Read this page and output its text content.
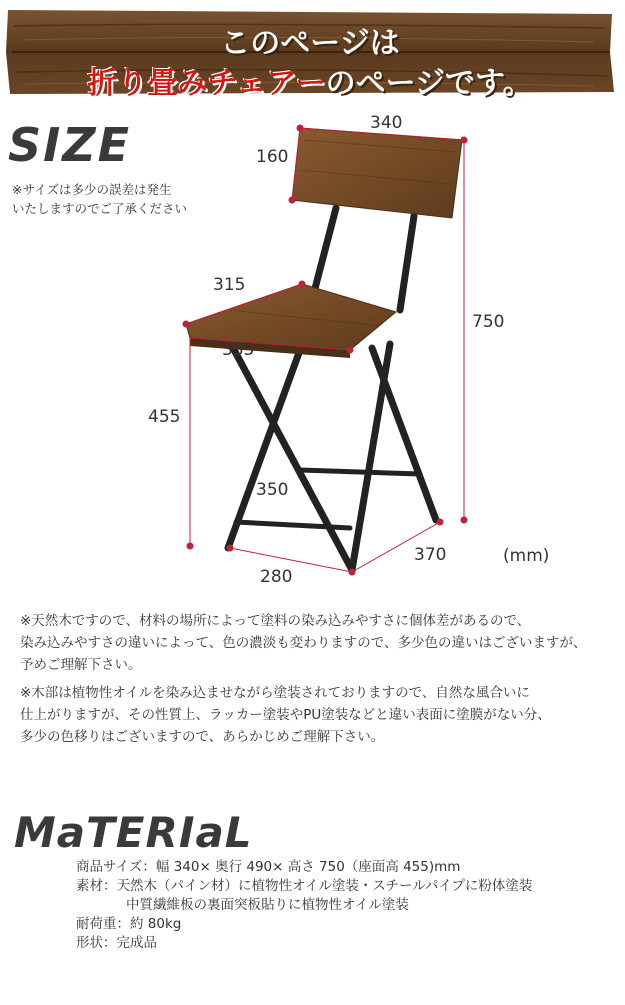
このページは
折り畳みチェアーのページです。
SIZE
※サイズは多少の誤差は発生
いたしますのでご了承ください
340
160
315
335
750
455
350
280
370	(mm)
※天然木ですので、材料の場所によって塗料の染み込みやすさに個体差があるので、
染み込みやすさの違いによって、色の濃淡も変わりますので、多少色の違いはございますが、
予めご理解下さい。
※木部は植物性オイルを染み込ませながら塗装されておりますので、自然な風合いに
仕上がりますが、その性質上、ラッカー塗装やPU塗装などと違い表面に塗膜がない分、
多少の色移りはございますので、あらかじめご理解下さい。
MaTERIaL
商品サイズ：幅 340× 奥行 490× 高さ 750（座面高 455)mm
素材：天然木（パイン材）に植物性オイル塗装・スチールパイプに粉体塗装
中質繊維板の裏面突板貼りに植物性オイル塗装
耐荷重：約 80kg
形状：完成品
